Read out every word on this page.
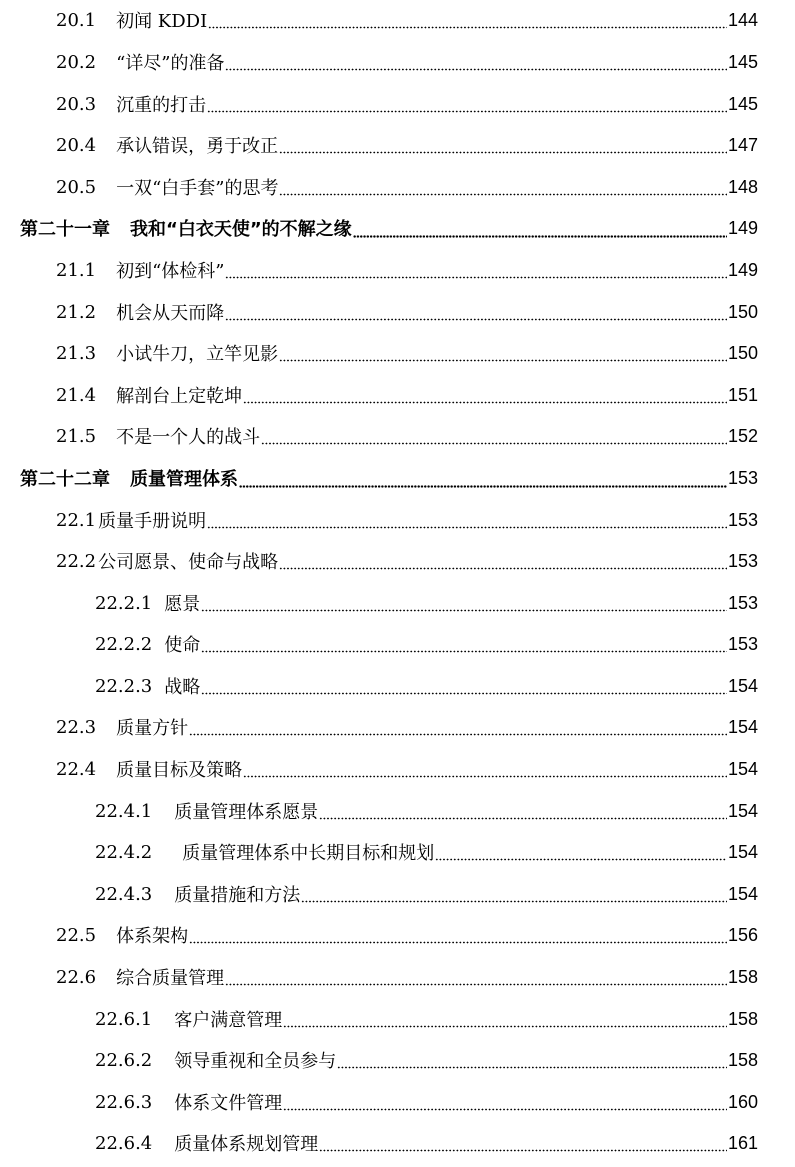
20.1 初闻 KDDI	144
20.2 “详尽”的准备	145
20.3 沉重的打击	145
20.4 承认错误，勇于改正	147
20.5 一双“白手套”的思考	148
第二十一章 我和“白衣天使”的不解之缘	149
21.1 初到“体检科”	149
21.2 机会从天而降	150
21.3 小试牛刀，立竿见影	150
21.4 解剖台上定乾坤	151
21.5 不是一个人的战斗	152
第二十二章 质量管理体系	153
22.1 质量手册说明	153
22.2 公司愿景、使命与战略	153
22.2.1 愿景	153
22.2.2 使命	153
22.2.3 战略	154
22.3 质量方针	154
22.4 质量目标及策略	154
22.4.1 质量管理体系愿景	154
22.4.2 质量管理体系中长期目标和规划	154
22.4.3 质量措施和方法	154
22.5 体系架构	156
22.6 综合质量管理	158
22.6.1 客户满意管理	158
22.6.2 领导重视和全员参与	158
22.6.3 体系文件管理	160
22.6.4 质量体系规划管理	161
